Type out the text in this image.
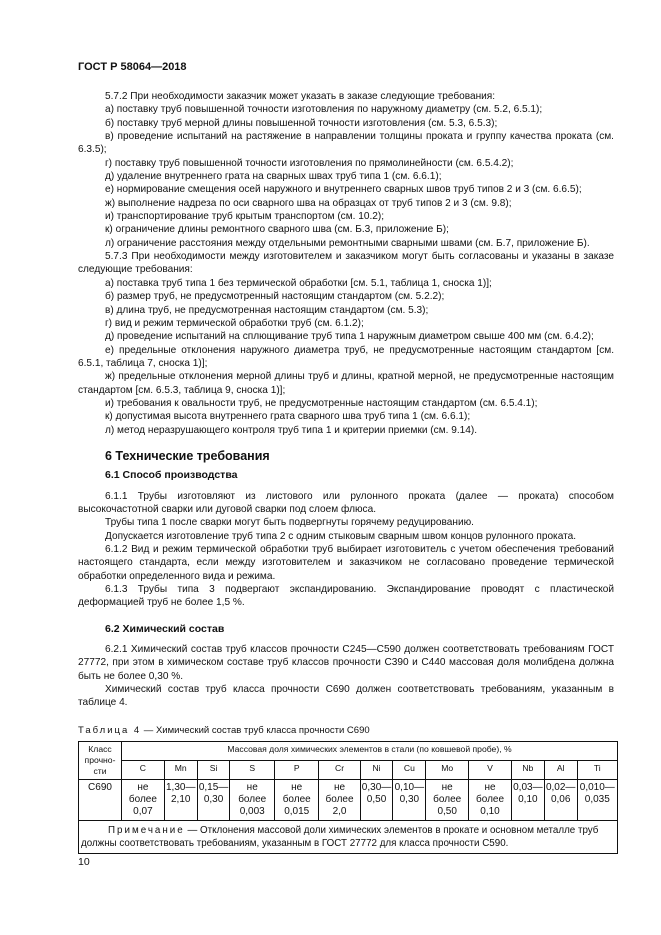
ГОСТ Р 58064—2018

5.7.2 При необходимости заказчик может указать в заказе следующие требования:

а) поставку труб повышенной точности изготовления по наружному диаметру (см. 5.2, 6.5.1);

б) поставку труб мерной длины повышенной точности изготовления (см. 5.3, 6.5.3);

в) проведение испытаний на растяжение в направлении толщины проката и группу качества проката (см. 6.3.5);

г) поставку труб повышенной точности изготовления по прямолинейности (см. 6.5.4.2);

д) удаление внутреннего грата на сварных швах труб типа 1 (см. 6.6.1);

е) нормирование смещения осей наружного и внутреннего сварных швов труб типов 2 и 3 (см. 6.6.5);

ж) выполнение надреза по оси сварного шва на образцах от труб типов 2 и 3 (см. 9.8);

и) транспортирование труб крытым транспортом (см. 10.2);

к) ограничение длины ремонтного сварного шва (см. Б.3, приложение Б);

л) ограничение расстояния между отдельными ремонтными сварными швами (см. Б.7, приложение Б).

5.7.3 При необходимости между изготовителем и заказчиком могут быть согласованы и указаны в заказе следующие требования:

а) поставка труб типа 1 без термической обработки [см. 5.1, таблица 1, сноска 1)];

б) размер труб, не предусмотренный настоящим стандартом (см. 5.2.2);

в) длина труб, не предусмотренная настоящим стандартом (см. 5.3);

г) вид и режим термической обработки труб (см. 6.1.2);

д) проведение испытаний на сплющивание труб типа 1 наружным диаметром свыше 400 мм (см. 6.4.2);

е) предельные отклонения наружного диаметра труб, не предусмотренные настоящим стандартом [см. 6.5.1, таблица 7, сноска 1)];

ж) предельные отклонения мерной длины труб и длины, кратной мерной, не предусмотренные настоящим стандартом [см. 6.5.3, таблица 9, сноска 1)];

и) требования к овальности труб, не предусмотренные настоящим стандартом (см. 6.5.4.1);

к) допустимая высота внутреннего грата сварного шва труб типа 1 (см. 6.6.1);

л) метод неразрушающего контроля труб типа 1 и критерии приемки (см. 9.14).

6 Технические требования
6.1 Способ производства

6.1.1 Трубы изготовляют из листового или рулонного проката (далее — проката) способом высокочастотной сварки или дуговой сварки под слоем флюса.

Трубы типа 1 после сварки могут быть подвергнуты горячему редуцированию.

Допускается изготовление труб типа 2 с одним стыковым сварным швом концов рулонного проката.

6.1.2 Вид и режим термической обработки труб выбирает изготовитель с учетом обеспечения требований настоящего стандарта, если между изготовителем и заказчиком не согласовано проведение термической обработки определенного вида и режима.

6.1.3 Трубы типа 3 подвергают экспандированию. Экспандирование проводят с пластической деформацией труб не более 1,5 %.

6.2 Химический состав

6.2.1 Химический состав труб классов прочности С245—С590 должен соответствовать требованиям ГОСТ 27772, при этом в химическом составе труб классов прочности С390 и С440 массовая доля молибдена должна быть не более 0,30 %.

Химический состав труб класса прочности С690 должен соответствовать требованиям, указанным в таблице 4.

Таблица 4 — Химический состав труб класса прочности С690
Класс прочно-сти	Массовая доля химических элементов в стали (по ковшевой пробе), %												
	C	Mn	Si	S	P	Cr	Ni	Cu	Mo	V	Nb	Al	Ti
С690	не более 0,07	1,30— 2,10	0,15— 0,30	не более 0,003	не более 0,015	не более 2,0	0,30— 0,50	0,10— 0,30	не более 0,50	не более 0,10	0,03— 0,10	0,02— 0,06	0,010— 0,035
Примечание — Отклонения массовой доли химических элементов в прокате и основном металле труб должны соответствовать требованиям, указанным в ГОСТ 27772 для класса прочности С590.													
10
